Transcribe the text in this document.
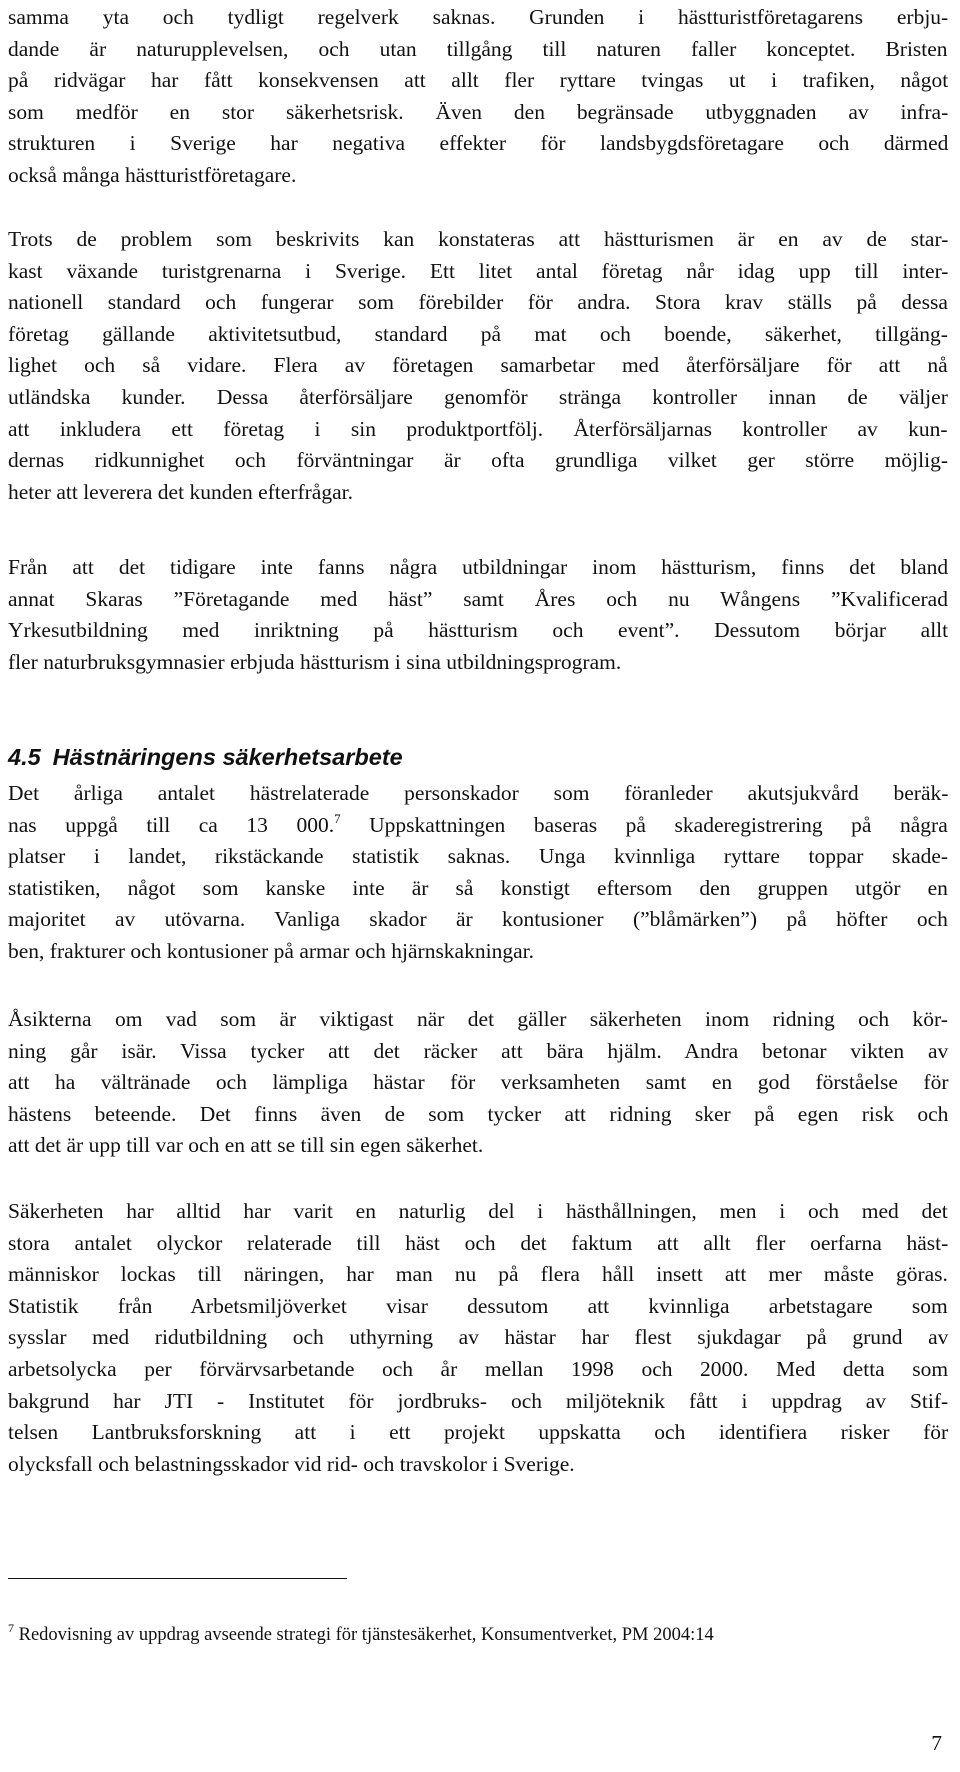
samma yta och tydligt regelverk saknas. Grunden i hästturistföretagarens erbju-
dande är naturupplevelsen, och utan tillgång till naturen faller konceptet. Bristen
på ridvägar har fått konsekvensen att allt fler ryttare tvingas ut i trafiken, något
som medför en stor säkerhetsrisk. Även den begränsade utbyggnaden av infra-
strukturen i Sverige har negativa effekter för landsbygdsföretagare och därmed
också många hästturistföretagare.

Trots de problem som beskrivits kan konstateras att hästturismen är en av de star-
kast växande turistgrenarna i Sverige. Ett litet antal företag når idag upp till inter-
nationell standard och fungerar som förebilder för andra. Stora krav ställs på dessa
företag gällande aktivitetsutbud, standard på mat och boende, säkerhet, tillgäng-
lighet och så vidare. Flera av företagen samarbetar med återförsäljare för att nå
utländska kunder. Dessa återförsäljare genomför stränga kontroller innan de väljer
att inkludera ett företag i sin produktportfölj. Återförsäljarnas kontroller av kun-
dernas ridkunnighet och förväntningar är ofta grundliga vilket ger större möjlig-
heter att leverera det kunden efterfrågar.

Från att det tidigare inte fanns några utbildningar inom hästturism, finns det bland
annat Skaras ”Företagande med häst” samt Åres och nu Wångens ”Kvalificerad
Yrkesutbildning med inriktning på hästturism och event”. Dessutom börjar allt
fler naturbruksgymnasier erbjuda hästturism i sina utbildningsprogram.

4.5 Hästnäringens säkerhetsarbete

Det årliga antalet hästrelaterade personskador som föranleder akutsjukvård beräk-
nas uppgå till ca 13 000.$^7$ Uppskattningen baseras på skaderegistrering på några
platser i landet, rikstäckande statistik saknas. Unga kvinnliga ryttare toppar skade-
statistiken, något som kanske inte är så konstigt eftersom den gruppen utgör en
majoritet av utövarna. Vanliga skador är kontusioner (”blåmärken”) på höfter och
ben, frakturer och kontusioner på armar och hjärnskakningar.

Åsikterna om vad som är viktigast när det gäller säkerheten inom ridning och kör-
ning går isär. Vissa tycker att det räcker att bära hjälm. Andra betonar vikten av
att ha vältränade och lämpliga hästar för verksamheten samt en god förståelse för
hästens beteende. Det finns även de som tycker att ridning sker på egen risk och
att det är upp till var och en att se till sin egen säkerhet.

Säkerheten har alltid har varit en naturlig del i hästhållningen, men i och med det
stora antalet olyckor relaterade till häst och det faktum att allt fler oerfarna häst-
människor lockas till näringen, har man nu på flera håll insett att mer måste göras.
Statistik från Arbetsmiljöverket visar dessutom att kvinnliga arbetstagare som
sysslar med ridutbildning och uthyrning av hästar har flest sjukdagar på grund av
arbetsolycka per förvärvsarbetande och år mellan 1998 och 2000. Med detta som
bakgrund har JTI - Institutet för jordbruks- och miljöteknik fått i uppdrag av Stif-
telsen Lantbruksforskning att i ett projekt uppskatta och identifiera risker för
olycksfall och belastningsskador vid rid- och travskolor i Sverige.

$^7$ Redovisning av uppdrag avseende strategi för tjänstesäkerhet, Konsumentverket, PM 2004:14
7
